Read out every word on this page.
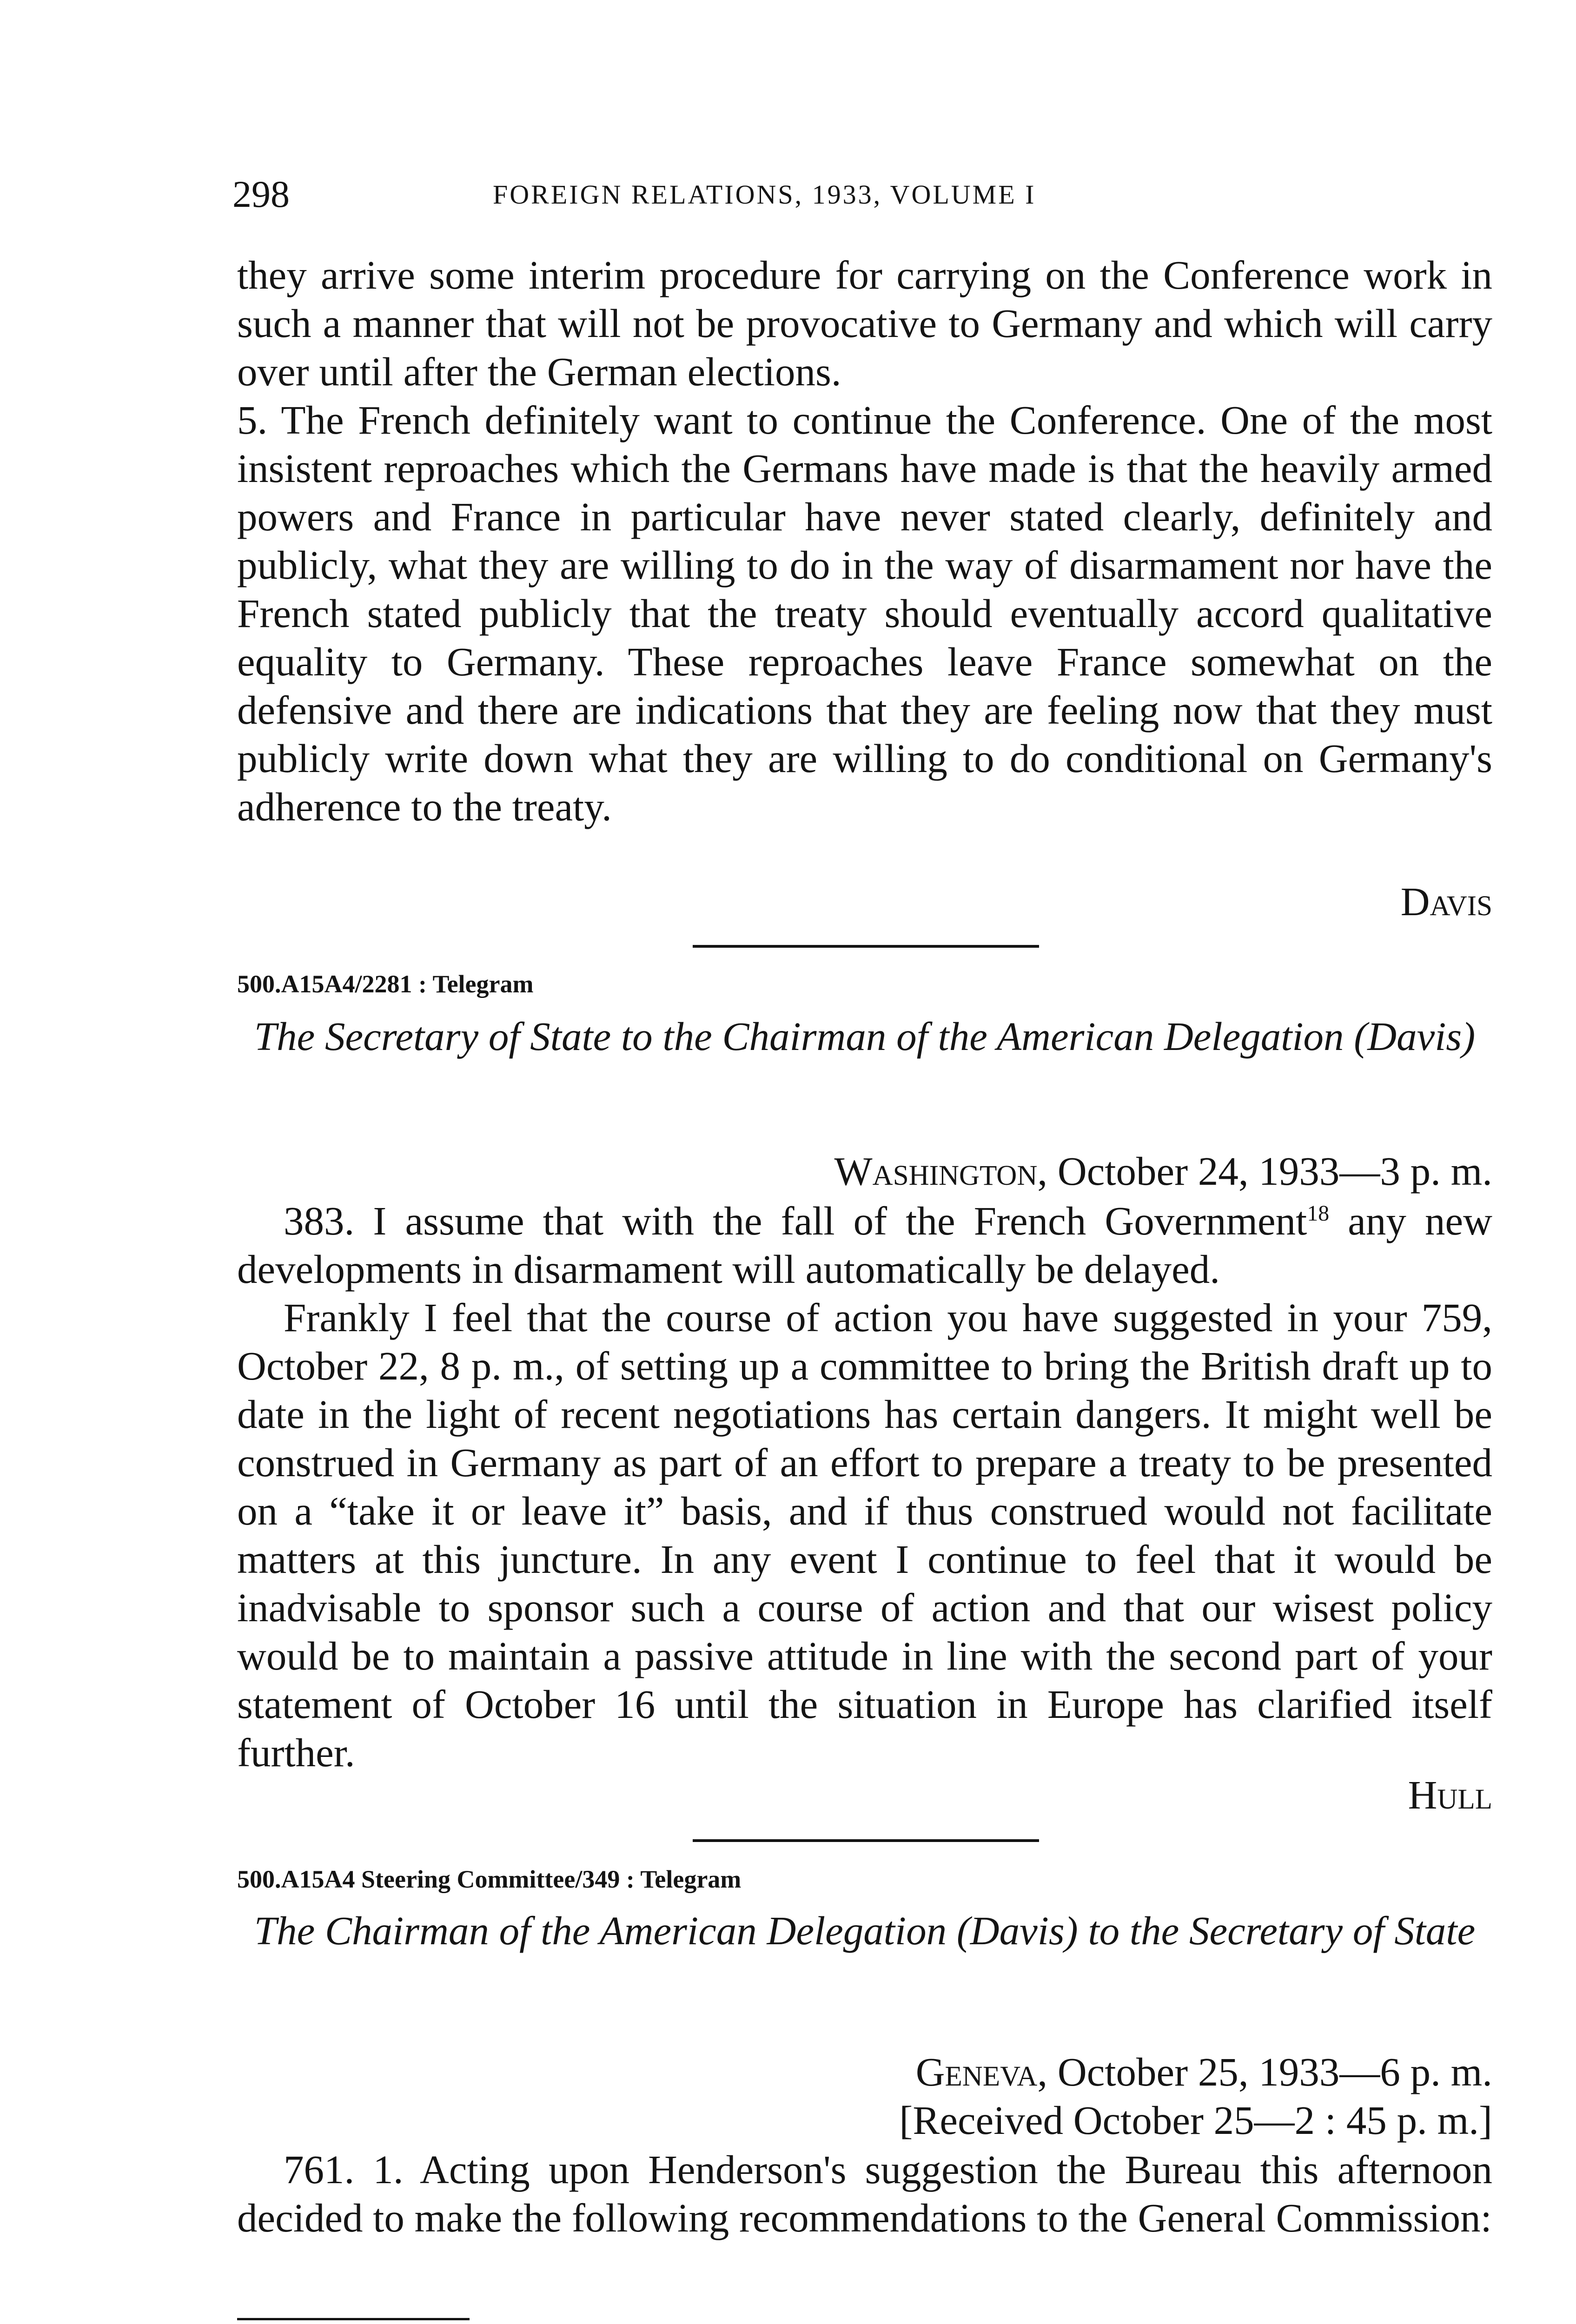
298	FOREIGN RELATIONS, 1933, VOLUME I

they arrive some interim procedure for carrying on the Conference work in such a manner that will not be provocative to Germany and which will carry over until after the German elections.

5. The French definitely want to continue the Conference. One of the most insistent reproaches which the Germans have made is that the heavily armed powers and France in particular have never stated clearly, definitely and publicly, what they are willing to do in the way of disarmament nor have the French stated publicly that the treaty should eventually accord qualitative equality to Germany. These reproaches leave France somewhat on the defensive and there are indications that they are feeling now that they must publicly write down what they are willing to do conditional on Germany's adherence to the treaty.

Davis
500.A15A4/2281 : Telegram

The Secretary of State to the Chairman of the American Delegation (Davis)

Washington, October 24, 1933—3 p. m.

383. I assume that with the fall of the French Government$^{18}$ any new developments in disarmament will automatically be delayed.

Frankly I feel that the course of action you have suggested in your 759, October 22, 8 p. m., of setting up a committee to bring the British draft up to date in the light of recent negotiations has certain dangers. It might well be construed in Germany as part of an effort to prepare a treaty to be presented on a “take it or leave it” basis, and if thus construed would not facilitate matters at this juncture. In any event I continue to feel that it would be inadvisable to sponsor such a course of action and that our wisest policy would be to maintain a passive attitude in line with the second part of your statement of October 16 until the situation in Europe has clarified itself further.

Hull
500.A15A4 Steering Committee/349 : Telegram

The Chairman of the American Delegation (Davis) to the Secretary of State

Geneva, October 25, 1933—6 p. m.
[Received October 25—2 : 45 p. m.]

761. 1. Acting upon Henderson's suggestion the Bureau this afternoon decided to make the following recommendations to the General Commission:
